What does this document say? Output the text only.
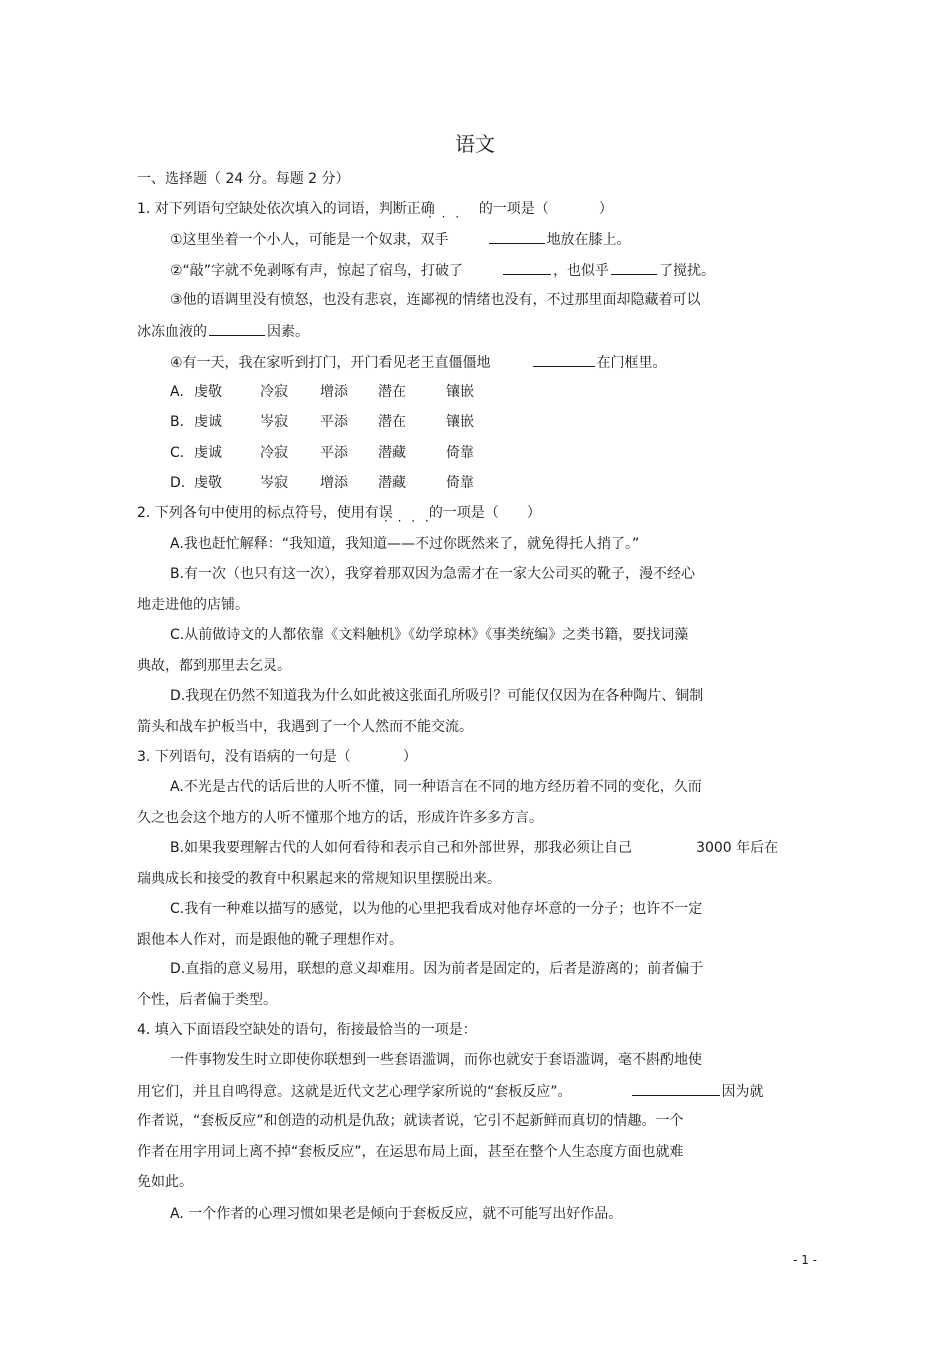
语文
一、选择题（ 24 分。每题 2 分）
1. 对下列语句空缺处依次填入的词语，判断正确	的一项是（	）
· · ·
①这里坐着一个小人，可能是一个奴隶，双手	地放在膝上。
②“敲”字就不免剥啄有声，惊起了宿鸟，打破了	，也似乎	了搅扰。
③他的语调里没有愤怒，也没有悲哀，连鄙视的情绪也没有，不过那里面却隐藏着可以
冰冻血液的	因素。
④有一天，我在家听到打门，开门看见老王直僵僵地	在门框里。
A. 虔敬	冷寂 增添 潜在	镶嵌
B. 虔诚	岑寂 平添 潜在	镶嵌
C. 虔诚	冷寂 平添 潜藏	倚靠
D. 虔敬	岑寂 增添 潜藏	倚靠
2. 下列各句中使用的标点符号，使用有误	的一项是（ ）
· · · ·
A.我也赶忙解释：“我知道，我知道——不过你既然来了，就免得托人捎了。”
B.有一次（也只有这一次），我穿着那双因为急需才在一家大公司买的靴子，漫不经心
地走进他的店铺。
C.从前做诗文的人都依靠《文料触机》《幼学琼林》《事类统编》之类书籍，要找词藻
典故，都到那里去乞灵。
D.我现在仍然不知道我为什么如此被这张面孔所吸引？可能仅仅因为在各种陶片、铜制
箭头和战车护板当中，我遇到了一个人然而不能交流。
3. 下列语句，没有语病的一句是（	）
A.不光是古代的话后世的人听不懂，同一种语言在不同的地方经历着不同的变化，久而
久之也会这个地方的人听不懂那个地方的话，形成许许多多方言。
B.如果我要理解古代的人如何看待和表示自己和外部世界，那我必须让自己	3000 年后在
瑞典成长和接受的教育中积累起来的常规知识里摆脱出来。
C.我有一种难以描写的感觉，以为他的心里把我看成对他存坏意的一分子；也许不一定
跟他本人作对，而是跟他的靴子理想作对。
D.直指的意义易用，联想的意义却难用。因为前者是固定的，后者是游离的；前者偏于
个性，后者偏于类型。
4. 填入下面语段空缺处的语句，衔接最恰当的一项是：
一件事物发生时立即使你联想到一些套语滥调，而你也就安于套语滥调，毫不斟酌地使
用它们，并且自鸣得意。这就是近代文艺心理学家所说的“套板反应”。	因为就
作者说，“套板反应”和创造的动机是仇敌；就读者说，它引不起新鲜而真切的情趣。一个
作者在用字用词上离不掉“套板反应”，在运思布局上面，甚至在整个人生态度方面也就难
免如此。
A. 一个作者的心理习惯如果老是倾向于套板反应，就不可能写出好作品。
- 1 -
